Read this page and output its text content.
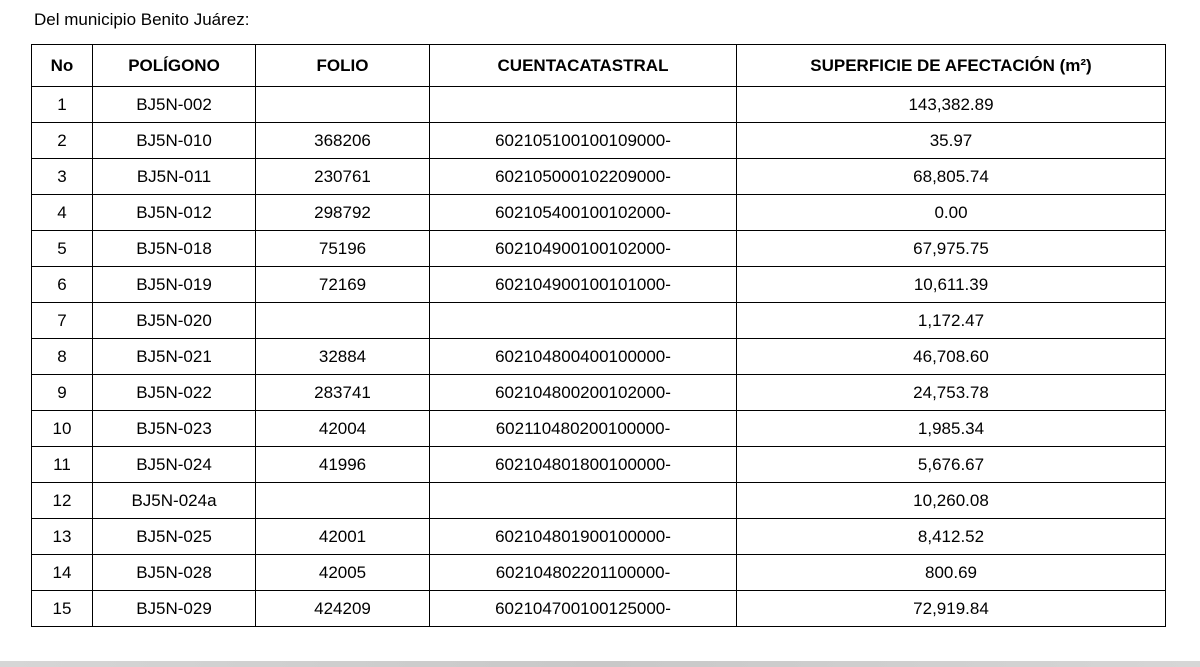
Del municipio Benito Juárez:
No	POLÍGONO	FOLIO	CUENTACATASTRAL	SUPERFICIE DE AFECTACIÓN (m²)
1	BJ5N-002			143,382.89
2	BJ5N-010	368206	602105100100109000-	35.97
3	BJ5N-011	230761	602105000102209000-	68,805.74
4	BJ5N-012	298792	602105400100102000-	0.00
5	BJ5N-018	75196	602104900100102000-	67,975.75
6	BJ5N-019	72169	602104900100101000-	10,611.39
7	BJ5N-020			1,172.47
8	BJ5N-021	32884	602104800400100000-	46,708.60
9	BJ5N-022	283741	602104800200102000-	24,753.78
10	BJ5N-023	42004	602110480200100000-	1,985.34
11	BJ5N-024	41996	602104801800100000-	5,676.67
12	BJ5N-024a			10,260.08
13	BJ5N-025	42001	602104801900100000-	8,412.52
14	BJ5N-028	42005	602104802201100000-	800.69
15	BJ5N-029	424209	602104700100125000-	72,919.84
